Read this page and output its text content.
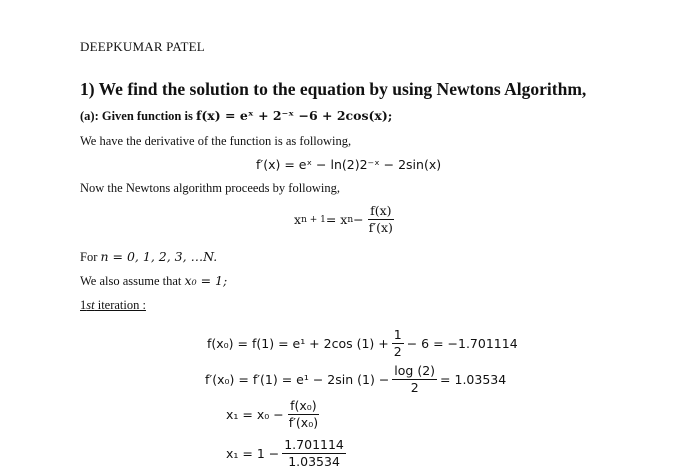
DEEPKUMAR PATEL
1) We find the solution to the equation by using Newtons Algorithm,
(a): Given function is f(x) = eˣ + 2⁻ˣ −6 + 2cos(x);
We have the derivative of the function is as following,
f′(x) = eˣ − ln(2)2⁻ˣ − 2sin(x)
Now the Newtons algorithm proceeds by following,
x n + 1 = x $n - \frac{f(x)}{f'(x)}$
For n = 0, 1, 2, 3, …N.
We also assume that x₀ = 1;
1st iteration :
f(x₀) = f(1) = e¹ + 2cos $(1) + \frac{1}{2} - 6 = -1.701114$
f′(x₀) = f′(1) = e¹ − 2sin $(1) - \frac{\log (2)}{2} = 1.03534$
$x_1 = x_0 - \frac{\text{f(x₀)}}{\text{f′(x₀)}}$
$x_1 = 1 - \frac{1.701114}{1.03534}$
